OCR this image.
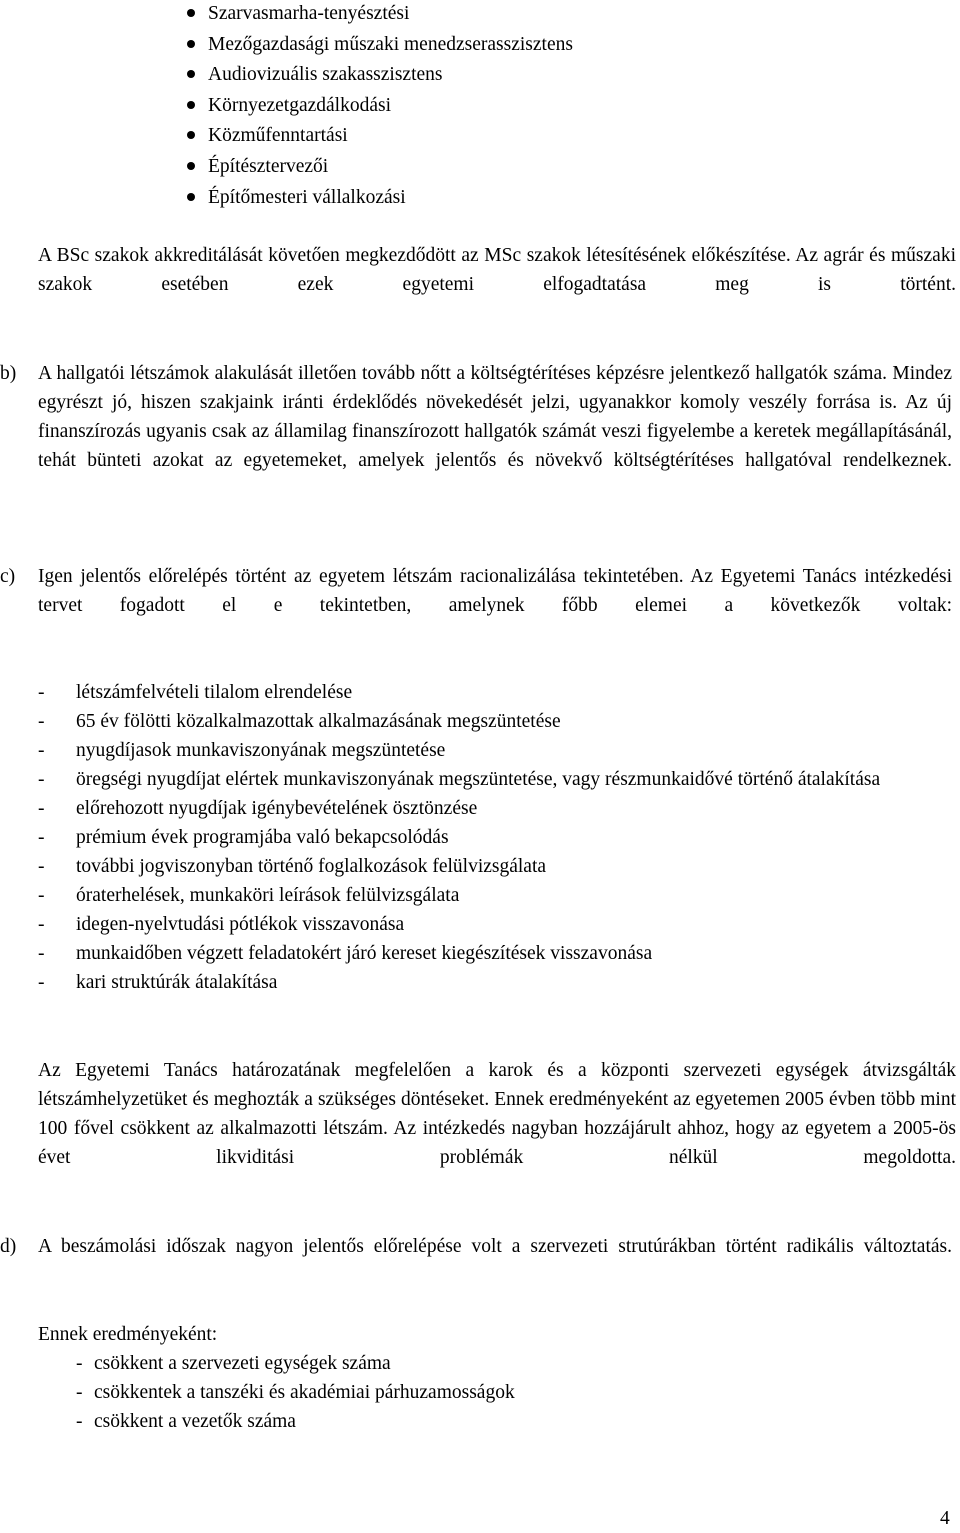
Szarvasmarha-tenyésztési
Mezőgazdasági műszaki menedzserasszisztens
Audiovizuális szakasszisztens
Környezetgazdálkodási
Közműfenntartási
Építésztervezői
Építőmesteri vállalkozási
A BSc szakok akkreditálását követően megkezdődött az MSc szakok létesítésének előkészítése. Az agrár és műszaki szakok esetében ezek egyetemi elfogadtatása meg is történt.
b)	A hallgatói létszámok alakulását illetően tovább nőtt a költségtérítéses képzésre jelentkező hallgatók száma. Mindez egyrészt jó, hiszen szakjaink iránti érdeklődés növekedését jelzi, ugyanakkor komoly veszély forrása is. Az új finanszírozás ugyanis csak az államilag finanszírozott hallgatók számát veszi figyelembe a keretek megállapításánál, tehát bünteti azokat az egyetemeket, amelyek jelentős és növekvő költségtérítéses hallgatóval rendelkeznek.
c)	Igen jelentős előrelépés történt az egyetem létszám racionalizálása tekintetében. Az Egyetemi Tanács intézkedési tervet fogadott el e tekintetben, amelynek főbb elemei a következők voltak:
- létszámfelvételi tilalom elrendelése
- 65 év fölötti közalkalmazottak alkalmazásának megszüntetése
- nyugdíjasok munkaviszonyának megszüntetése
- öregségi nyugdíjat elértek munkaviszonyának megszüntetése, vagy részmunkaidővé történő átalakítása
- előrehozott nyugdíjak igénybevételének ösztönzése
- prémium évek programjába való bekapcsolódás
- további jogviszonyban történő foglalkozások felülvizsgálata
- óraterhelések, munkaköri leírások felülvizsgálata
- idegen-nyelvtudási pótlékok visszavonása
- munkaidőben végzett feladatokért járó kereset kiegészítések visszavonása
- kari struktúrák átalakítása
Az Egyetemi Tanács határozatának megfelelően a karok és a központi szervezeti egységek átvizsgálták létszámhelyzetüket és meghozták a szükséges döntéseket. Ennek eredményeként az egyetemen 2005 évben több mint 100 fővel csökkent az alkalmazotti létszám. Az intézkedés nagyban hozzájárult ahhoz, hogy az egyetem a 2005-ös évet likviditási problémák nélkül megoldotta.
d)	A beszámolási időszak nagyon jelentős előrelépése volt a szervezeti strutúrákban történt radikális változtatás.
Ennek eredményeként:
- csökkent a szervezeti egységek száma
- csökkentek a tanszéki és akadémiai párhuzamosságok
- csökkent a vezetők száma
4
